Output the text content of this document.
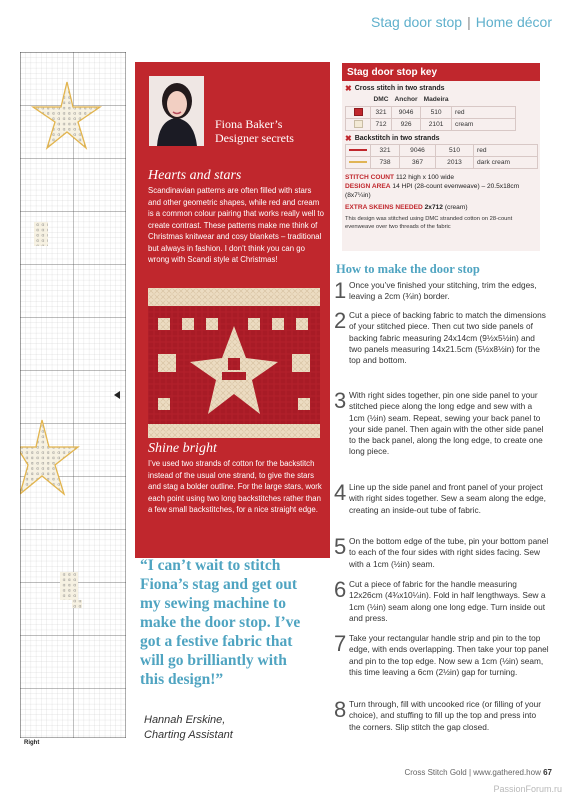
Stag door stop | Home décor
Right
Fiona Baker’s
Designer secrets
Hearts and stars
Scandinavian patterns are often filled with stars and other geometric shapes, while red and cream is a common colour pairing that works really well to create contrast. These patterns make me think of Christmas knitwear and cosy blankets – traditional but always in fashion. I don’t think you can go wrong with Scandi style at Christmas!
Shine bright
I’ve used two strands of cotton for the backstitch instead of the usual one strand, to give the stars and stag a bolder outline. For the large stars, work each point using two long backstitches rather than a few small backstitches, for a nice straight edge.
“I can’t wait to stitch Fiona’s stag and get out my sewing machine to make the door stop. I’ve got a festive fabric that will go brilliantly with this design!”
Hannah Erskine,
Charting Assistant
Stag door stop key
✖ Cross stitch in two strands
	DMC	Anchor	Madeira	
	321	9046	510	red
	712	926	2101	cream
✖ Backstitch in two strands
	321	9046	510	red
	738	367	2013	dark cream
STITCH COUNT 112 high x 100 wide
DESIGN AREA 14 HPI (28-count evenweave) – 20.5x18cm (8x7¼in)
EXTRA SKEINS NEEDED 2x712 (cream)
This design was stitched using DMC stranded cotton on 28-count evenweave over two threads of the fabric
How to make the door stop
1 Once you’ve finished your stitching, trim the edges, leaving a 2cm (¾in) border.
2 Cut a piece of backing fabric to match the dimensions of your stitched piece. Then cut two side panels of backing fabric measuring 24x14cm (9½x5½in) and two panels measuring 14x21.5cm (5½x8½in) for the top and bottom.
3 With right sides together, pin one side panel to your stitched piece along the long edge and sew with a 1cm (½in) seam. Repeat, sewing your back panel to your side panel. Then again with the other side panel to the back panel, along the long edge, to create one long piece.
4 Line up the side panel and front panel of your project with right sides together. Sew a seam along the edge, creating an inside-out tube of fabric.
5 On the bottom edge of the tube, pin your bottom panel to each of the four sides with right sides facing. Sew with a 1cm (½in) seam.
6 Cut a piece of fabric for the handle measuring 12x26cm (4¾x10¼in). Fold in half lengthways. Sew a 1cm (½in) seam along one long edge. Turn inside out and press.
7 Take your rectangular handle strip and pin to the top edge, with ends overlapping. Then take your top panel and pin to the top edge. Now sew a 1cm (½in) seam, this time leaving a 6cm (2½in) gap for turning.
8 Turn through, fill with uncooked rice (or filling of your choice), and stuffing to fill up the top and press into the corners. Slip stitch the gap closed.
Cross Stitch Gold | www.gathered.how 67
PassionForum.ru
